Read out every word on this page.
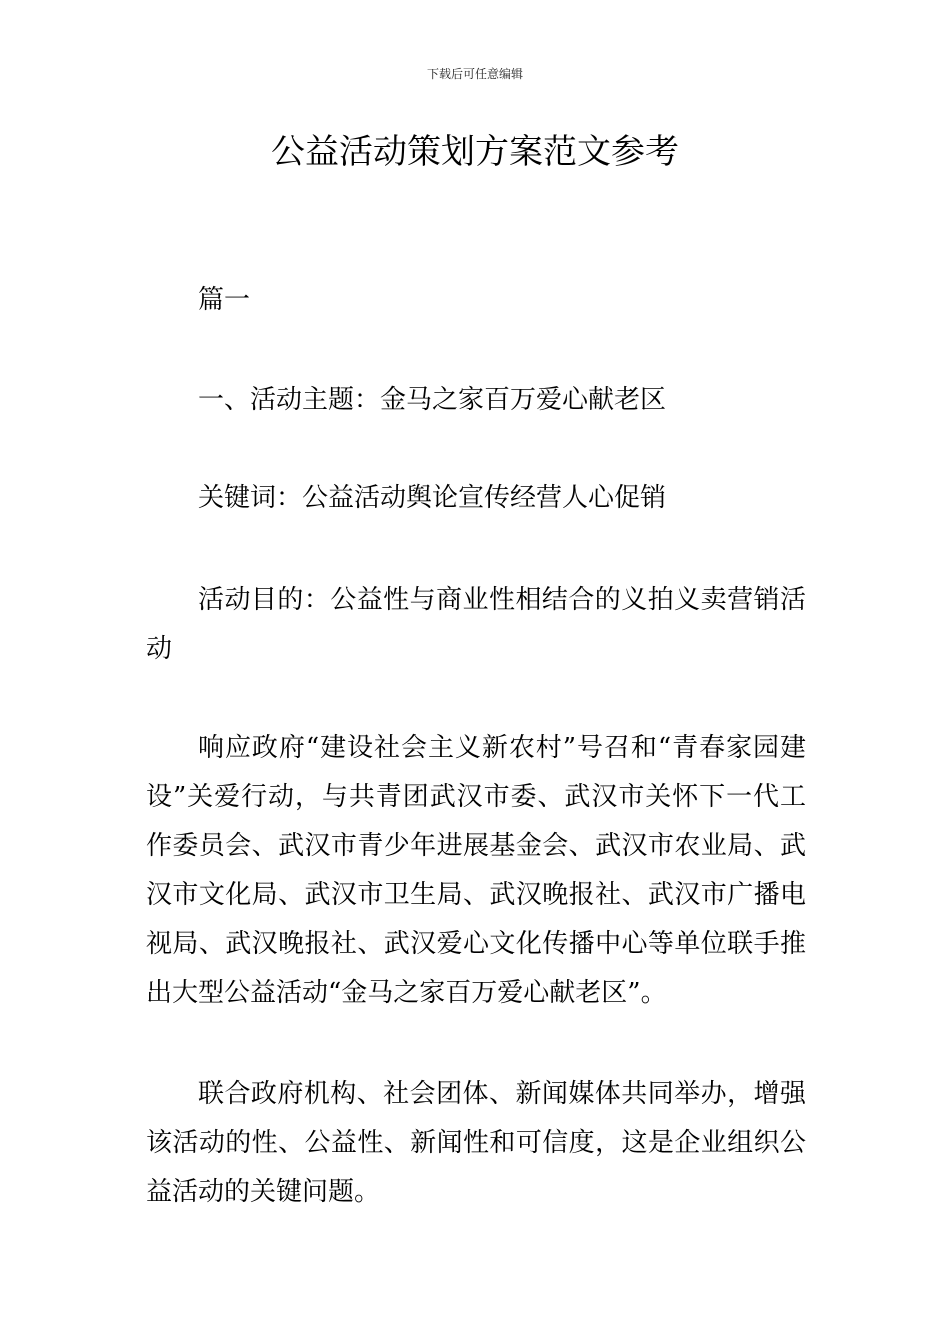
下载后可任意编辑
公益活动策划方案范文参考

篇一

一、活动主题：金马之家百万爱心献老区

关键词：公益活动舆论宣传经营人心促销

活动目的：公益性与商业性相结合的义拍义卖营销活动

响应政府“建设社会主义新农村”号召和“青春家园建设”关爱行动，与共青团武汉市委、武汉市关怀下一代工作委员会、武汉市青少年进展基金会、武汉市农业局、武汉市文化局、武汉市卫生局、武汉晚报社、武汉市广播电视局、武汉晚报社、武汉爱心文化传播中心等单位联手推出大型公益活动“金马之家百万爱心献老区”。

联合政府机构、社会团体、新闻媒体共同举办，增强该活动的性、公益性、新闻性和可信度，这是企业组织公益活动的关键问题。
